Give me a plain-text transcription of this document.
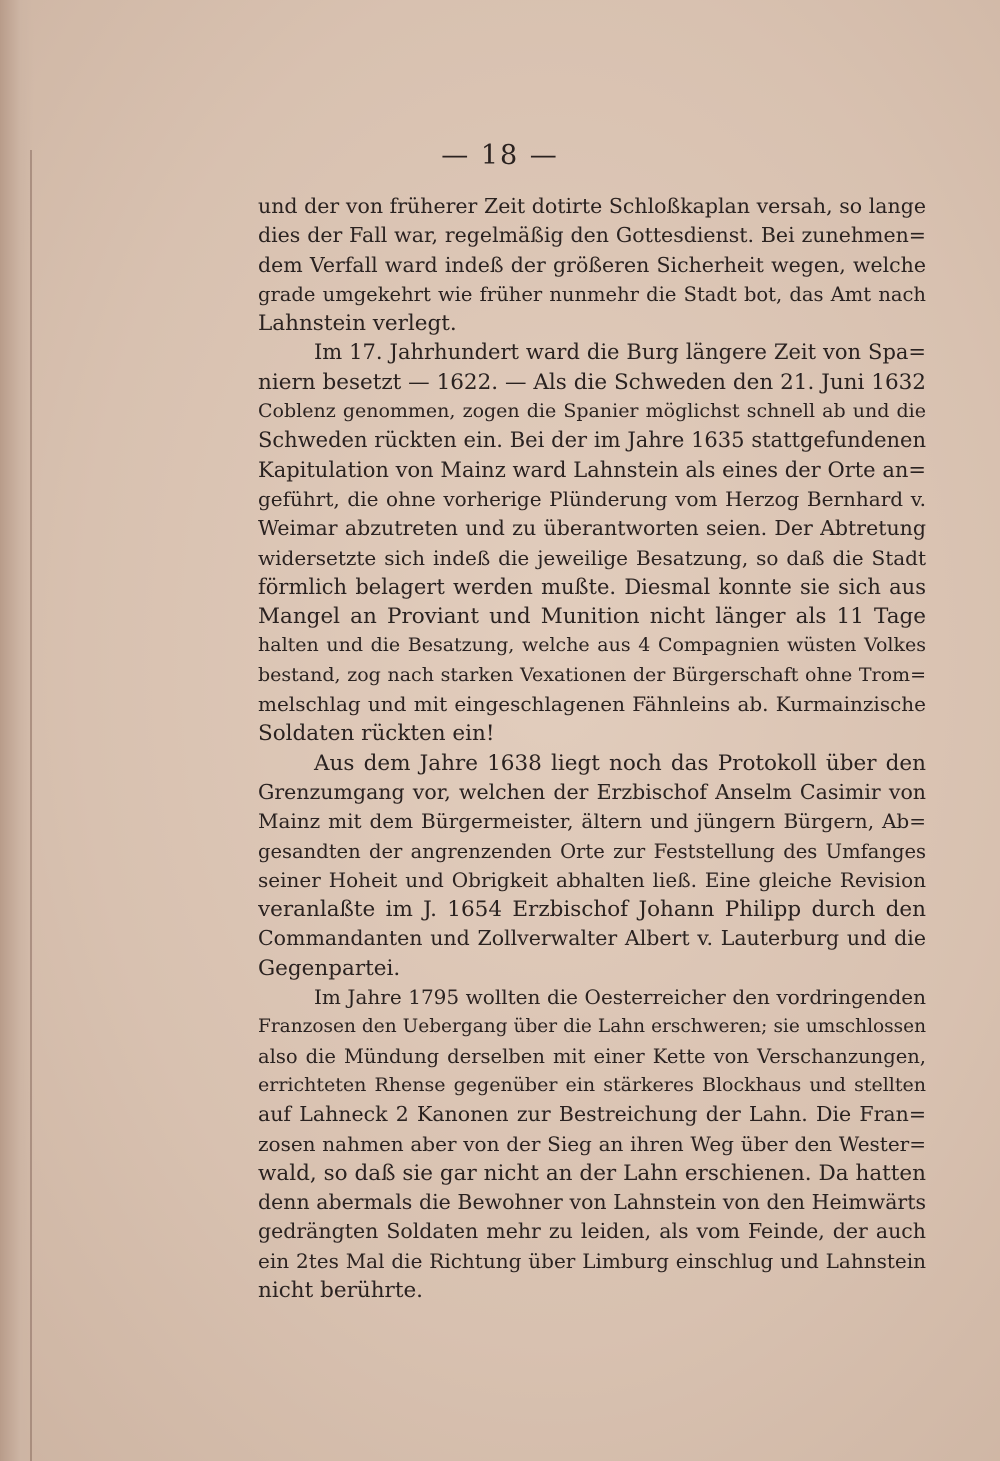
— 18 —
und der von früherer Zeit dotirte Schloßkaplan versah, so lange
dies der Fall war, regelmäßig den Gottesdienst. Bei zunehmen=
dem Verfall ward indeß der größeren Sicherheit wegen, welche
grade umgekehrt wie früher nunmehr die Stadt bot, das Amt nach
Lahnstein verlegt.
Im 17. Jahrhundert ward die Burg längere Zeit von Spa=
niern besetzt — 1622. — Als die Schweden den 21. Juni 1632
Coblenz genommen, zogen die Spanier möglichst schnell ab und die
Schweden rückten ein. Bei der im Jahre 1635 stattgefundenen
Kapitulation von Mainz ward Lahnstein als eines der Orte an=
geführt, die ohne vorherige Plünderung vom Herzog Bernhard v.
Weimar abzutreten und zu überantworten seien. Der Abtretung
widersetzte sich indeß die jeweilige Besatzung, so daß die Stadt
förmlich belagert werden mußte. Diesmal konnte sie sich aus
Mangel an Proviant und Munition nicht länger als 11 Tage
halten und die Besatzung, welche aus 4 Compagnien wüsten Volkes
bestand, zog nach starken Vexationen der Bürgerschaft ohne Trom=
melschlag und mit eingeschlagenen Fähnleins ab. Kurmainzische
Soldaten rückten ein!
Aus dem Jahre 1638 liegt noch das Protokoll über den
Grenzumgang vor, welchen der Erzbischof Anselm Casimir von
Mainz mit dem Bürgermeister, ältern und jüngern Bürgern, Ab=
gesandten der angrenzenden Orte zur Feststellung des Umfanges
seiner Hoheit und Obrigkeit abhalten ließ. Eine gleiche Revision
veranlaßte im J. 1654 Erzbischof Johann Philipp durch den
Commandanten und Zollverwalter Albert v. Lauterburg und die
Gegenpartei.
Im Jahre 1795 wollten die Oesterreicher den vordringenden
Franzosen den Uebergang über die Lahn erschweren; sie umschlossen
also die Mündung derselben mit einer Kette von Verschanzungen,
errichteten Rhense gegenüber ein stärkeres Blockhaus und stellten
auf Lahneck 2 Kanonen zur Bestreichung der Lahn. Die Fran=
zosen nahmen aber von der Sieg an ihren Weg über den Wester=
wald, so daß sie gar nicht an der Lahn erschienen. Da hatten
denn abermals die Bewohner von Lahnstein von den Heimwärts
gedrängten Soldaten mehr zu leiden, als vom Feinde, der auch
ein 2tes Mal die Richtung über Limburg einschlug und Lahnstein
nicht berührte.
